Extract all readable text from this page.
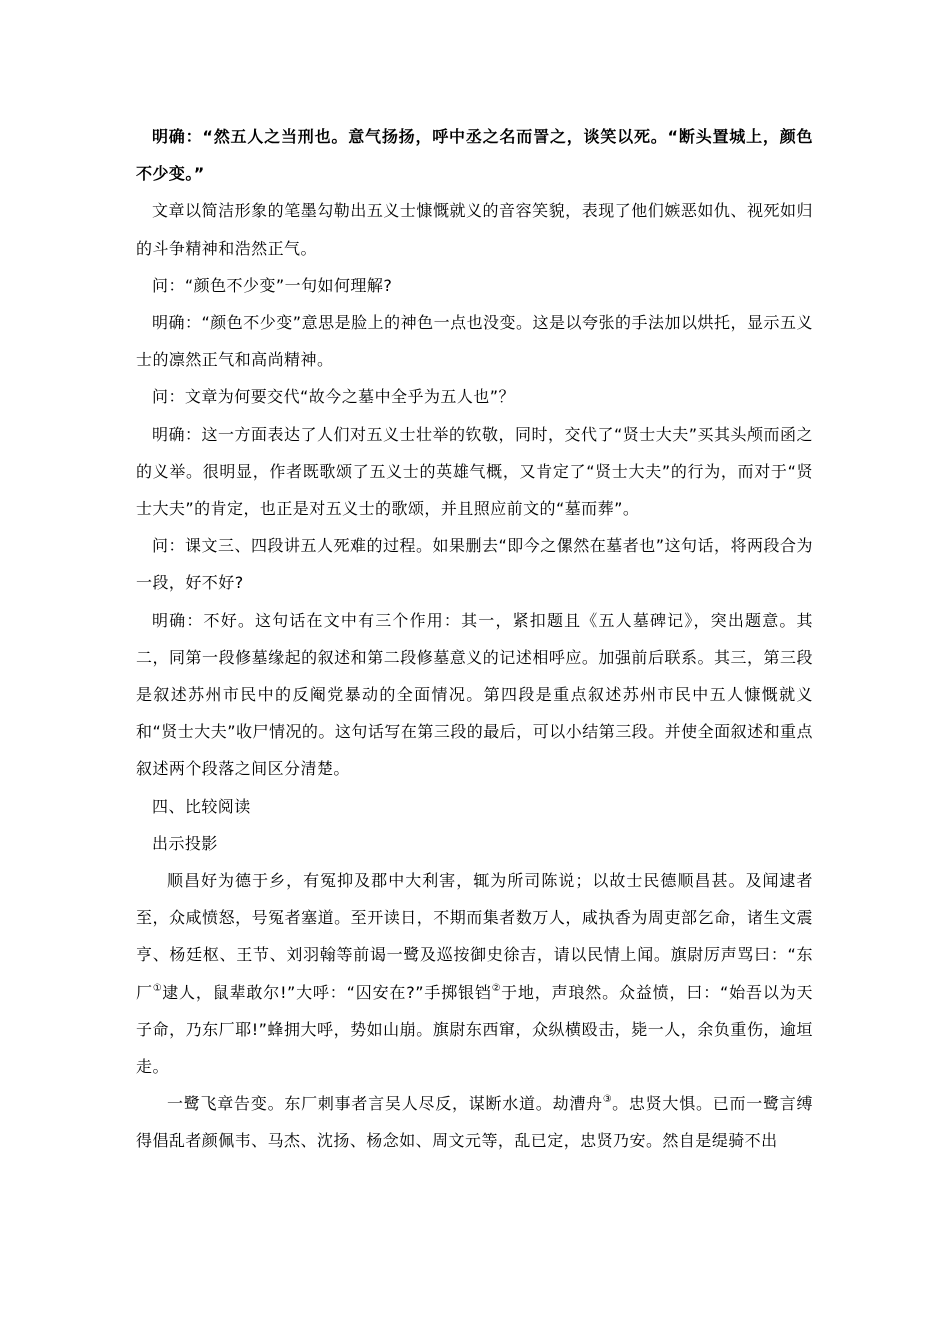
明确：“然五人之当刑也。意气扬扬，呼中丞之名而詈之，谈笑以死。“断头置城上，颜色不少变。”

文章以简洁形象的笔墨勾勒出五义士慷慨就义的音容笑貌，表现了他们嫉恶如仇、视死如归的斗争精神和浩然正气。

问：“颜色不少变”一句如何理解?

明确：“颜色不少变”意思是脸上的神色一点也没变。这是以夸张的手法加以烘托，显示五义士的凛然正气和高尚精神。

问：文章为何要交代“故今之墓中全乎为五人也”？

明确：这一方面表达了人们对五义士壮举的钦敬，同时，交代了“贤士大夫”买其头颅而函之的义举。很明显，作者既歌颂了五义士的英雄气概，又肯定了“贤士大夫”的行为，而对于“贤士大夫”的肯定，也正是对五义士的歌颂，并且照应前文的“墓而葬”。

问：课文三、四段讲五人死难的过程。如果删去“即今之傫然在墓者也”这句话，将两段合为一段，好不好?

明确：不好。这句话在文中有三个作用：其一，紧扣题且《五人墓碑记》，突出题意。其二，同第一段修墓缘起的叙述和第二段修墓意义的记述相呼应。加强前后联系。其三，第三段是叙述苏州市民中的反阉党暴动的全面情况。第四段是重点叙述苏州市民中五人慷慨就义和“贤士大夫”收尸情况的。这句话写在第三段的最后，可以小结第三段。并使全面叙述和重点叙述两个段落之间区分清楚。

四、比较阅读

出示投影

顺昌好为德于乡，有冤抑及郡中大利害，辄为所司陈说；以故士民德顺昌甚。及闻逮者至，众咸愤怒，号冤者塞道。至开读日，不期而集者数万人，咸执香为周吏部乞命，诸生文震亨、杨廷枢、王节、刘羽翰等前谒一鹭及巡按御史徐吉，请以民情上闻。旗尉厉声骂曰：“东厂①逮人，鼠辈敢尔!”大呼：“囚安在?”手掷银铛②于地，声琅然。众益愤，曰：“始吾以为天子命，乃东厂耶!”蜂拥大呼，势如山崩。旗尉东西窜，众纵横殴击，毙一人，余负重伤，逾垣走。

一鹭飞章告变。东厂刺事者言吴人尽反，谋断水道。劫漕舟③。忠贤大惧。已而一鹭言缚得倡乱者颜佩韦、马杰、沈扬、杨念如、周文元等，乱已定，忠贤乃安。然自是缇骑不出
